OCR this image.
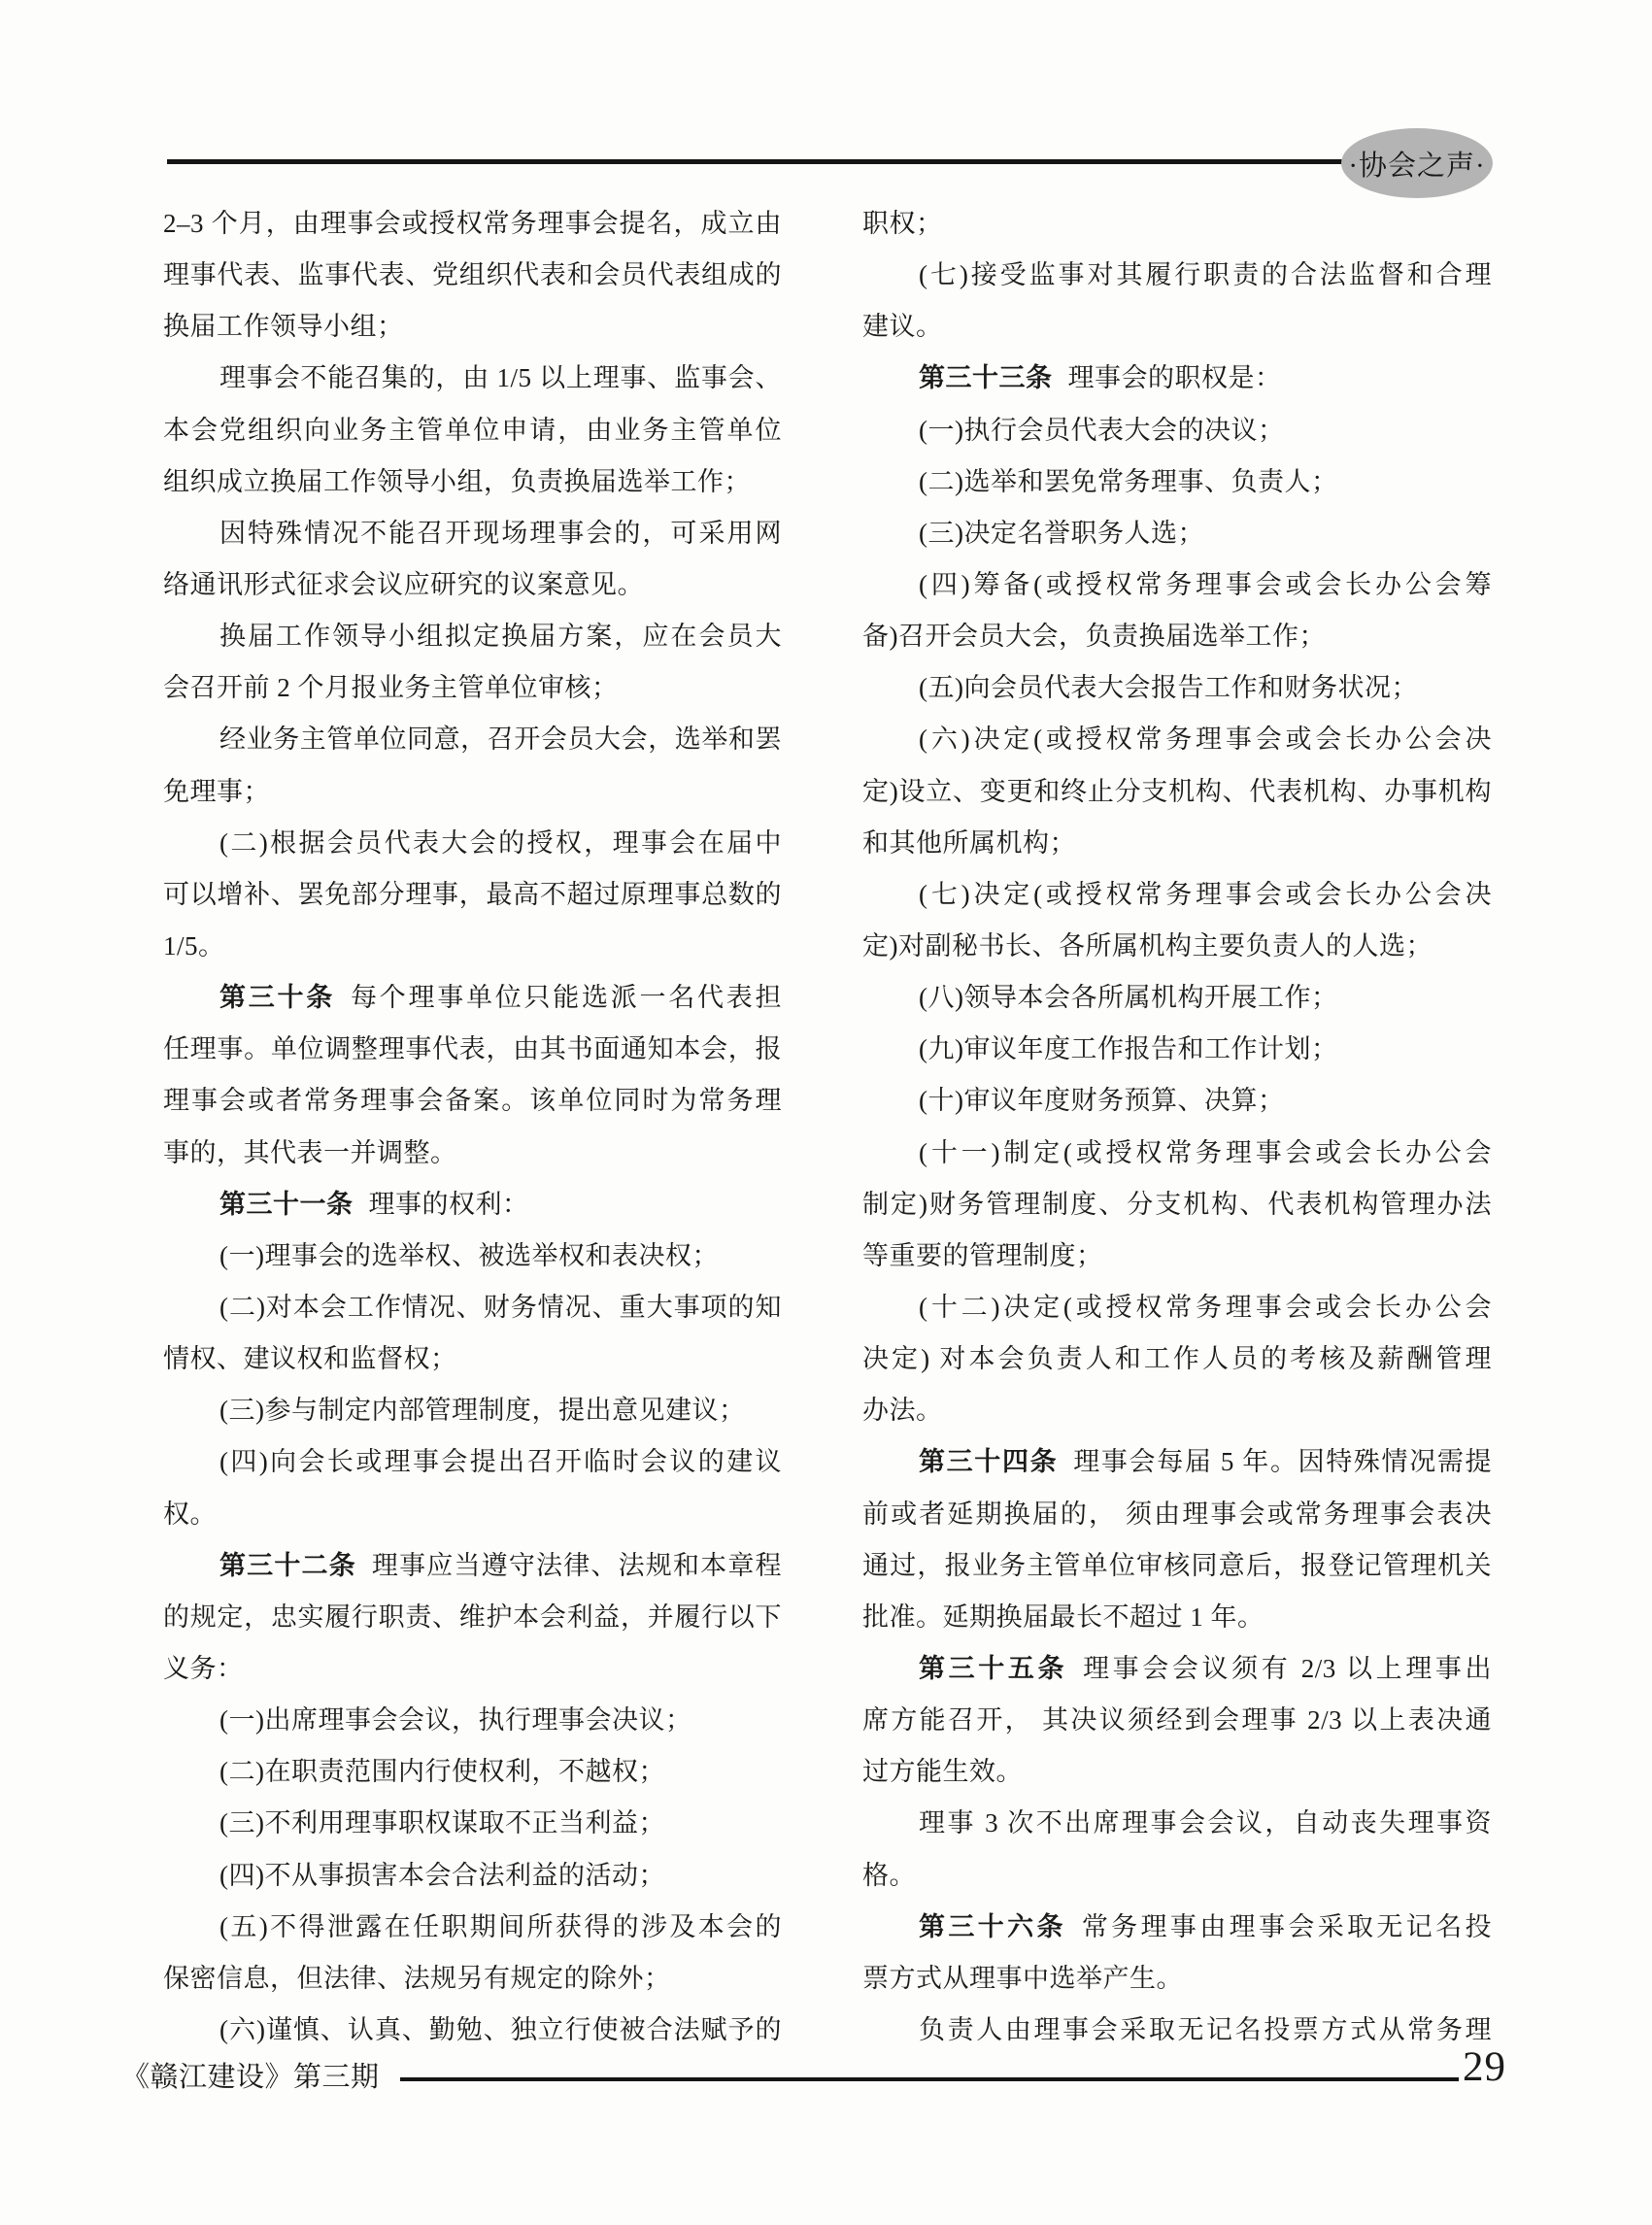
·协会之声·
2–3 个月，由理事会或授权常务理事会提名，成立由
理事代表、监事代表、党组织代表和会员代表组成的
换届工作领导小组；
理事会不能召集的，由 1/5 以上理事、监事会、
本会党组织向业务主管单位申请，由业务主管单位
组织成立换届工作领导小组，负责换届选举工作；
因特殊情况不能召开现场理事会的，可采用网
络通讯形式征求会议应研究的议案意见。
换届工作领导小组拟定换届方案，应在会员大
会召开前 2 个月报业务主管单位审核；
经业务主管单位同意，召开会员大会，选举和罢
免理事；
(二)根据会员代表大会的授权，理事会在届中
可以增补、罢免部分理事，最高不超过原理事总数的
1/5。
第三十条 每个理事单位只能选派一名代表担
任理事。单位调整理事代表，由其书面通知本会，报
理事会或者常务理事会备案。该单位同时为常务理
事的，其代表一并调整。
第三十一条 理事的权利：
(一)理事会的选举权、被选举权和表决权；
(二)对本会工作情况、财务情况、重大事项的知
情权、建议权和监督权；
(三)参与制定内部管理制度，提出意见建议；
(四)向会长或理事会提出召开临时会议的建议
权。
第三十二条 理事应当遵守法律、法规和本章程
的规定，忠实履行职责、维护本会利益，并履行以下
义务：
(一)出席理事会会议，执行理事会决议；
(二)在职责范围内行使权利，不越权；
(三)不利用理事职权谋取不正当利益；
(四)不从事损害本会合法利益的活动；
(五)不得泄露在任职期间所获得的涉及本会的
保密信息，但法律、法规另有规定的除外；
(六)谨慎、认真、勤勉、独立行使被合法赋予的
职权；
(七)接受监事对其履行职责的合法监督和合理
建议。
第三十三条 理事会的职权是：
(一)执行会员代表大会的决议；
(二)选举和罢免常务理事、负责人；
(三)决定名誉职务人选；
(四)筹备(或授权常务理事会或会长办公会筹
备)召开会员大会，负责换届选举工作；
(五)向会员代表大会报告工作和财务状况；
(六)决定(或授权常务理事会或会长办公会决
定)设立、变更和终止分支机构、代表机构、办事机构
和其他所属机构；
(七)决定(或授权常务理事会或会长办公会决
定)对副秘书长、各所属机构主要负责人的人选；
(八)领导本会各所属机构开展工作；
(九)审议年度工作报告和工作计划；
(十)审议年度财务预算、决算；
(十一)制定(或授权常务理事会或会长办公会
制定)财务管理制度、分支机构、代表机构管理办法
等重要的管理制度；
(十二)决定(或授权常务理事会或会长办公会
决定) 对本会负责人和工作人员的考核及薪酬管理
办法。
第三十四条 理事会每届 5 年。因特殊情况需提
前或者延期换届的， 须由理事会或常务理事会表决
通过，报业务主管单位审核同意后，报登记管理机关
批准。延期换届最长不超过 1 年。
第三十五条 理事会会议须有 2/3 以上理事出
席方能召开， 其决议须经到会理事 2/3 以上表决通
过方能生效。
理事 3 次不出席理事会会议，自动丧失理事资
格。
第三十六条 常务理事由理事会采取无记名投
票方式从理事中选举产生。
负责人由理事会采取无记名投票方式从常务理
《赣江建设》第三期	29
